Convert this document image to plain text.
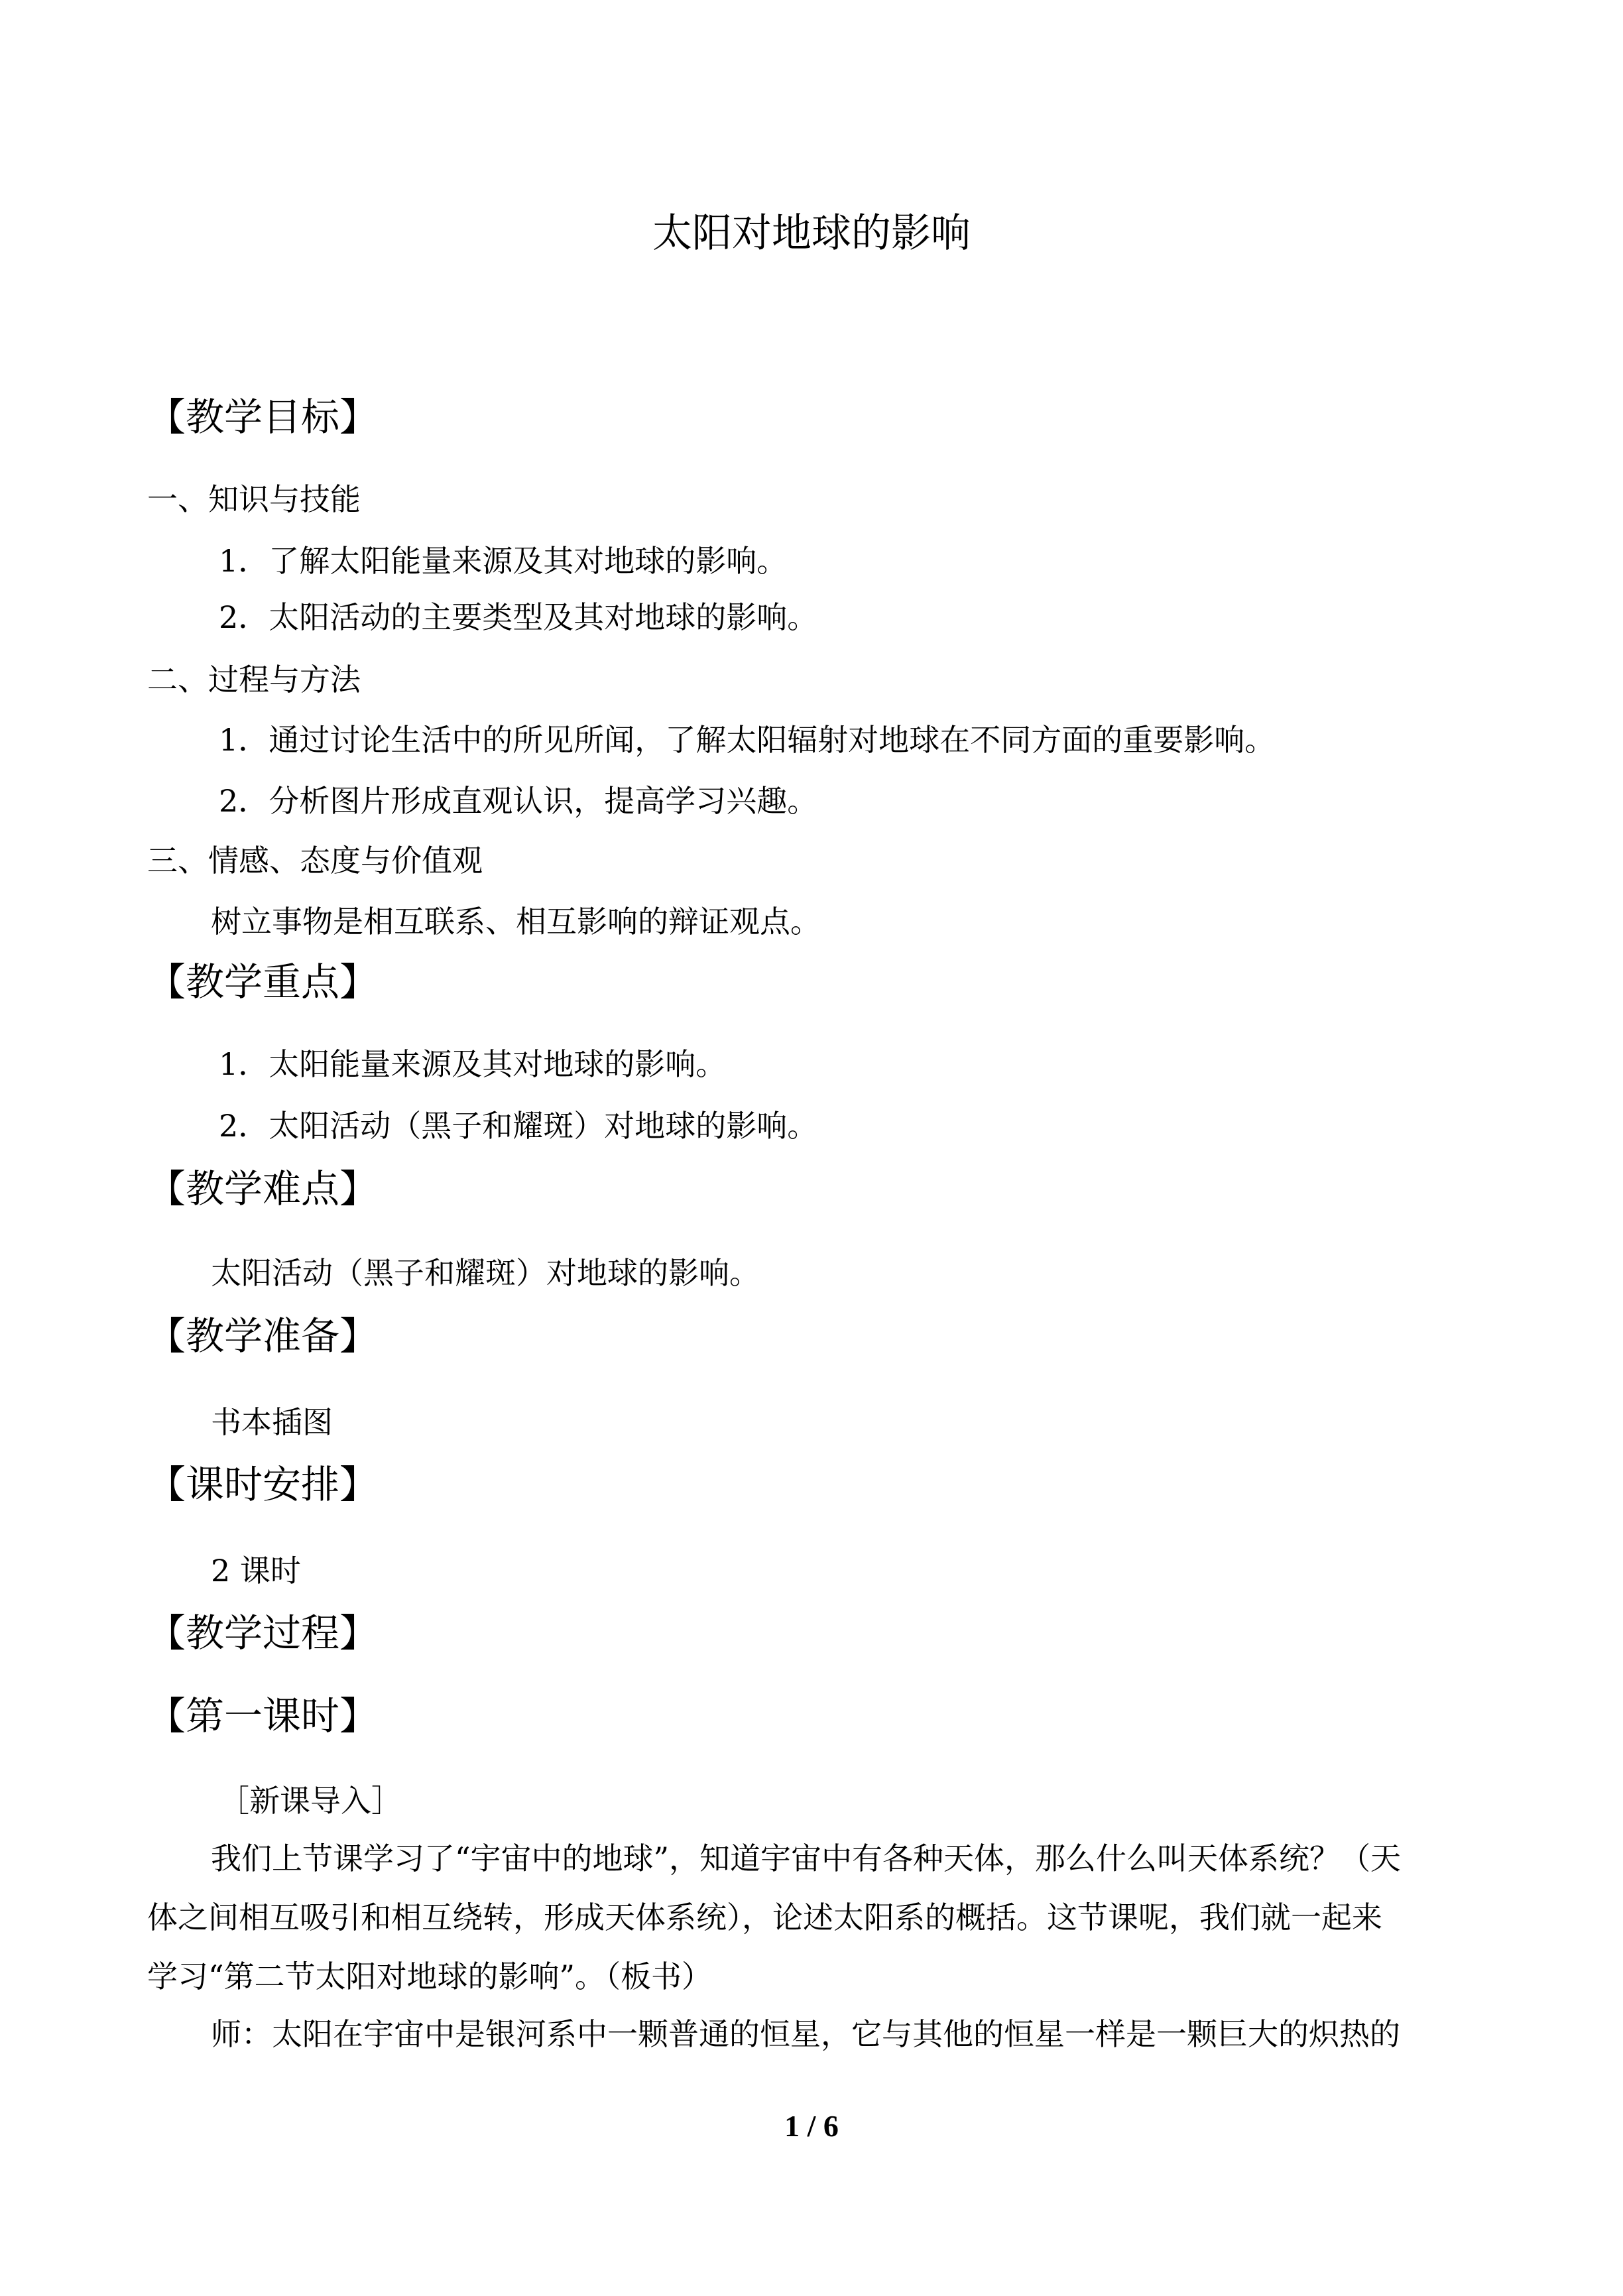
太阳对地球的影响
【教学目标】
一、知识与技能
1．了解太阳能量来源及其对地球的影响。
2．太阳活动的主要类型及其对地球的影响。
二、过程与方法
1．通过讨论生活中的所见所闻，了解太阳辐射对地球在不同方面的重要影响。
2．分析图片形成直观认识，提高学习兴趣。
三、情感、态度与价值观
树立事物是相互联系、相互影响的辩证观点。
【教学重点】
1．太阳能量来源及其对地球的影响。
2．太阳活动（黑子和耀斑）对地球的影响。
【教学难点】
太阳活动（黑子和耀斑）对地球的影响。
【教学准备】
书本插图
【课时安排】
2 课时
【教学过程】
【第一课时】
［新课导入］
我们上节课学习了“宇宙中的地球”，知道宇宙中有各种天体，那么什么叫天体系统？（天
体之间相互吸引和相互绕转，形成天体系统），论述太阳系的概括。这节课呢，我们就一起来
学习“第二节太阳对地球的影响”。（板书）
师：太阳在宇宙中是银河系中一颗普通的恒星，它与其他的恒星一样是一颗巨大的炽热的
1 / 6
